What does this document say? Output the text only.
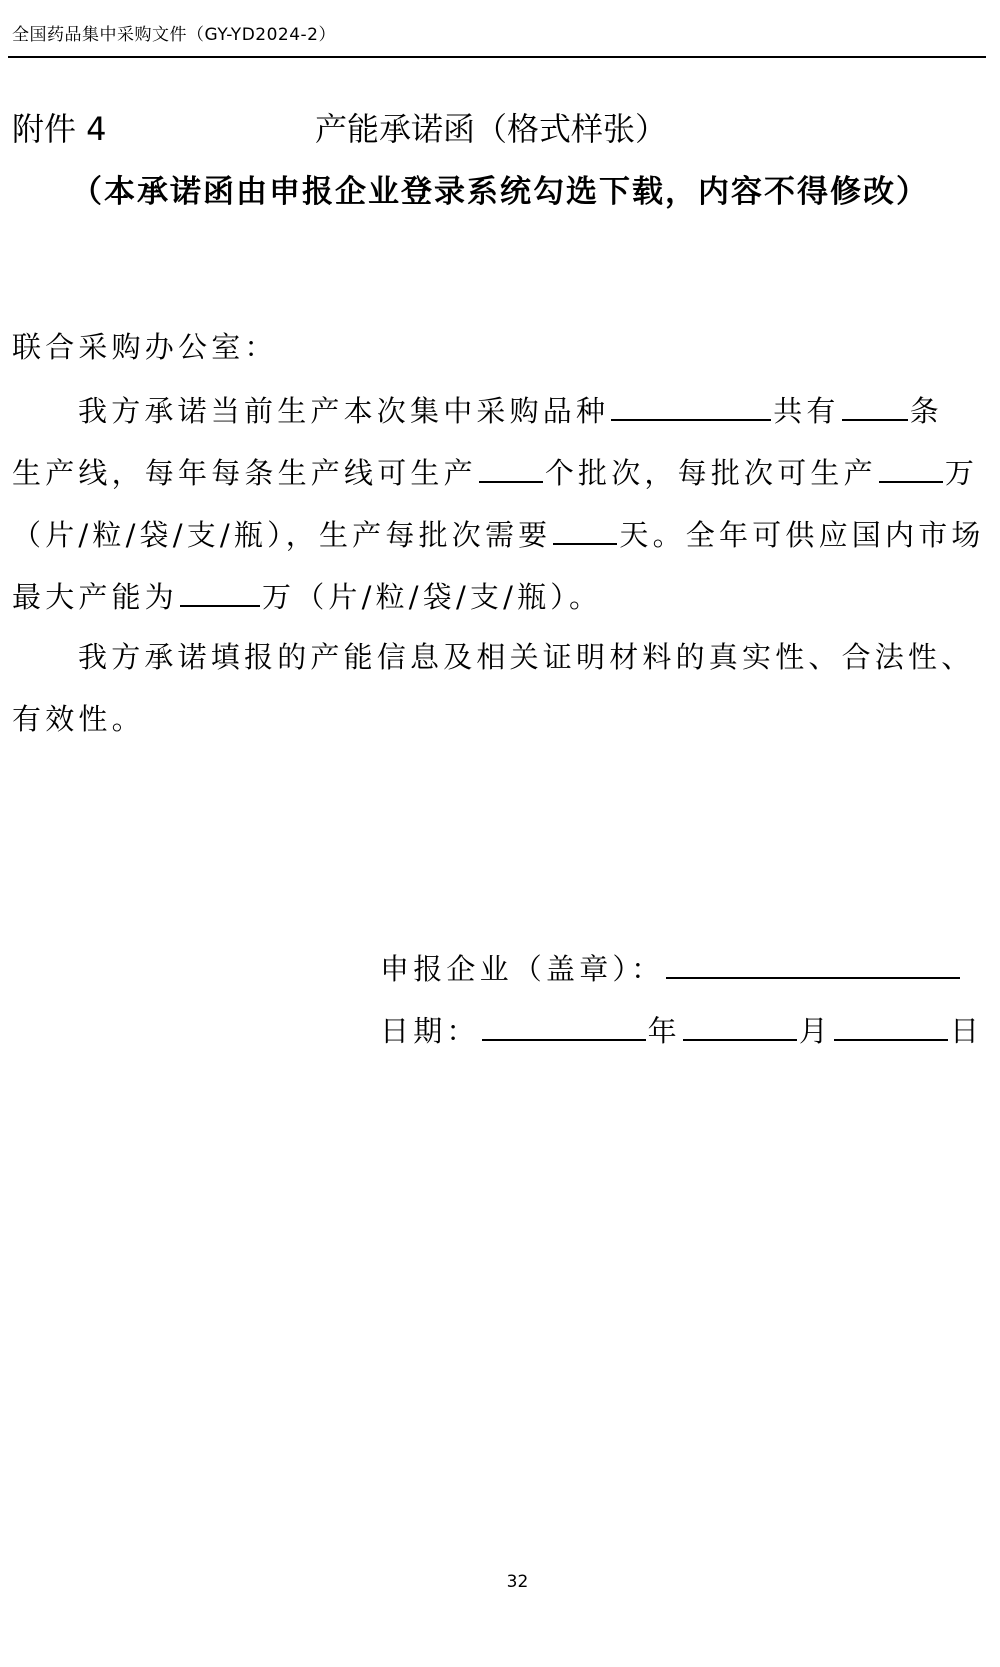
全国药品集中采购文件（GY-YD2024-2）
附件 4	产能承诺函（格式样张）
（本承诺函由申报企业登录系统勾选下载，内容不得修改）
联合采购办公室：
我方承诺当前生产本次集中采购品种	共有 条
生产线，每年每条生产线可生产 个批次，每批次可生产 万
（片/粒/袋/支/瓶），生产每批次需要 天。全年可供应国内市场
最大产能为	万（片/粒/袋/支/瓶）。
我方承诺填报的产能信息及相关证明材料的真实性、合法性、
有效性。
申报企业（盖章）：
日期：	年	月	日
32
